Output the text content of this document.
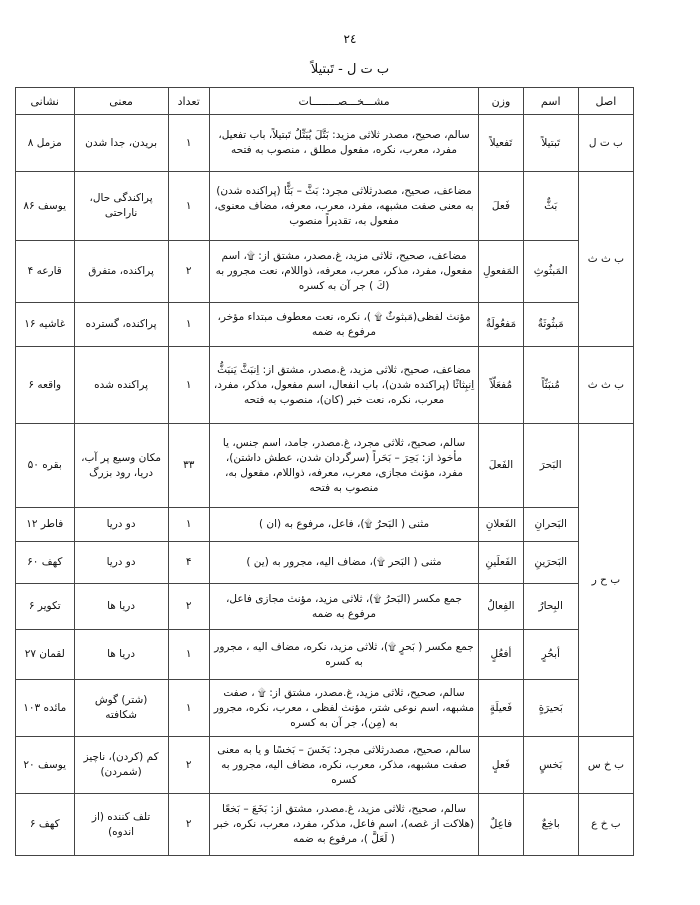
٢٤
ب ت ل - تَبتيلاً
اصل	اسم	وزن	مشـــخـــصــــــــات	تعداد	معنى	نشانى
ب ت ل	تَبتيلاً	تَفعيلاً	سالم، صحيح، مصدر ثلاثى مزيد: بَتَّلَ يُبَتِّلُ تَبتيلاً، باب تفعيل، مفرد، معرب، نكره، مفعول مطلق ، منصوب به فتحه	١	بريدن، جدا شدن	مزمل ٨
ب ث ث	بَثٌّ	فَعلَ	مضاعف، صحيح، مصدرثلاثى مجرد: بَثَّ – بَثًّا (پراكنده شدن) به معنى صفت مشبهه، مفرد، معرب، معرفه، مضاف معنوى، مفعول به، تقديراً منصوب	١	پراكندگى حال، ناراحتى	يوسف ٨۶
	المَبثُوثِ	المَفعولِ	مضاعف، صحيح، ثلاثى مزيد، غ.مصدر، مشتق از: ۩، اسم مفعول، مفرد، مذكر، معرب، معرفه، ذواللام، نعت مجرور به (كَ ) جر آن به كسره	٢	پراكنده، متفرق	قارعه ۴
	مَبثُوثَةٌ	مَفعُولَةٌ	مؤنث لفظى(مَبثوثٌ ۩ )، نكره، نعت معطوف مبتداء مؤخر، مرفوع به ضمه	١	پراكنده، گسترده	غاشيه ١۶
ب ث ث	مُنبَثّاً	مُفعَلّاً	مضاعف، صحيح، ثلاثى مزيد، غ.مصدر، مشتق از: اِنبَثَّ يَنبَثُّ اِنبِثاثًا (پراكنده شدن)، باب انفعال، اسم مفعول، مذكر، مفرد، معرب، نكره، نعت خبر (كان)، منصوب به فتحه	١	پراكنده شده	واقعه ۶
ب ح ر	البَحرَ	الفَعلَ	سالم، صحيح، ثلاثى مجرد، غ.مصدر، جامد، اسم جنس، يا مأخوذ از: بَحِرَ – بَحَراً (سرگردان شدن، عطش داشتن)، مفرد، مؤنث مجازى، معرب، معرفه، ذواللام، مفعول به، منصوب به فتحه	٣٣	مكان وسيع پر آب، دريا، رود بزرگ	بقره ۵٠
	البَحرانِ	الفَعلانِ	مثنى ( البَحرُ ۩)، فاعل، مرفوع به (ان )	١	دو دريا	فاطر ١٢
	البَحرَينِ	الفَعلَينِ	مثنى ( البَحر ۩)، مضاف اليه، مجرور به (ين )	۴	دو دريا	كهف ۶٠
	البِحارُ	الفِعالُ	جمع مكسر (البَحرُ ۩)، ثلاثى مزيد، مؤنث مجازى فاعل، مرفوع به ضمه	٢	دريا ها	تكوير ۶
	أبحُرٍ	أفعُلٍ	جمع مكسر ( بَحرٍ ۩)، ثلاثى مزيد، نكره، مضاف اليه ، مجرور به كسره	١	دريا ها	لقمان ٢٧
	بَحيرَةٍ	فَعيلَةٍ	سالم، صحيح، ثلاثى مزيد، غ.مصدر، مشتق از: ۩ ، صفت مشبهه، اسم نوعى شتر، مؤنث لفظى ، معرب، نكره، مجرور به (مِن)، جر آن به كسره	١	(شتر) گوش شكافته	مائده ١٠٣
ب خ س	بَخسٍ	فَعلٍ	سالم، صحيح، مصدرثلاثى مجرد: بَخَسَ – بَخسًا و يا به معنى صفت مشبهه، مذكر، معرب، نكره، مضاف اليه، مجرور به كسره	٢	كم (كردن)، ناچيز (شمردن)	يوسف ٢٠
ب خ ع	باخِعٌ	فاعِلٌ	سالم، صحيح، ثلاثى مزيد، غ.مصدر، مشتق از: بَخَعَ – بَخعًا (هلاكت از غصه)، اسم فاعل، مذكر، مفرد، معرب، نكره، خبر ( لَعَلَّ )، مرفوع به ضمه	٢	تلف كننده (از اندوه)	كهف ۶
